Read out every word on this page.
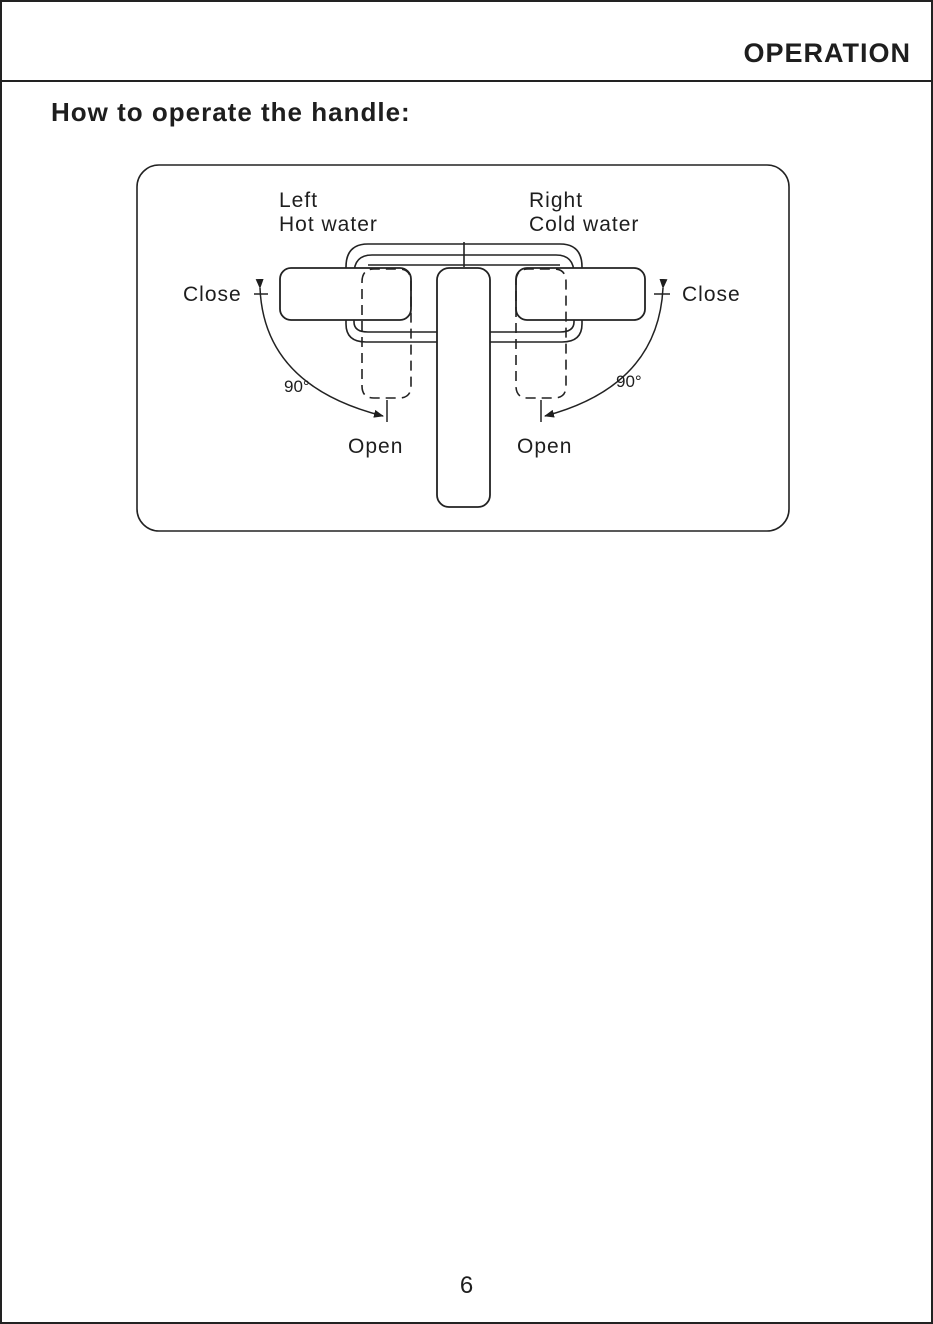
OPERATION
How to operate the handle:
Left
Hot water
Right
Cold water
Close	Close
Open	Open
90°	90°
6
